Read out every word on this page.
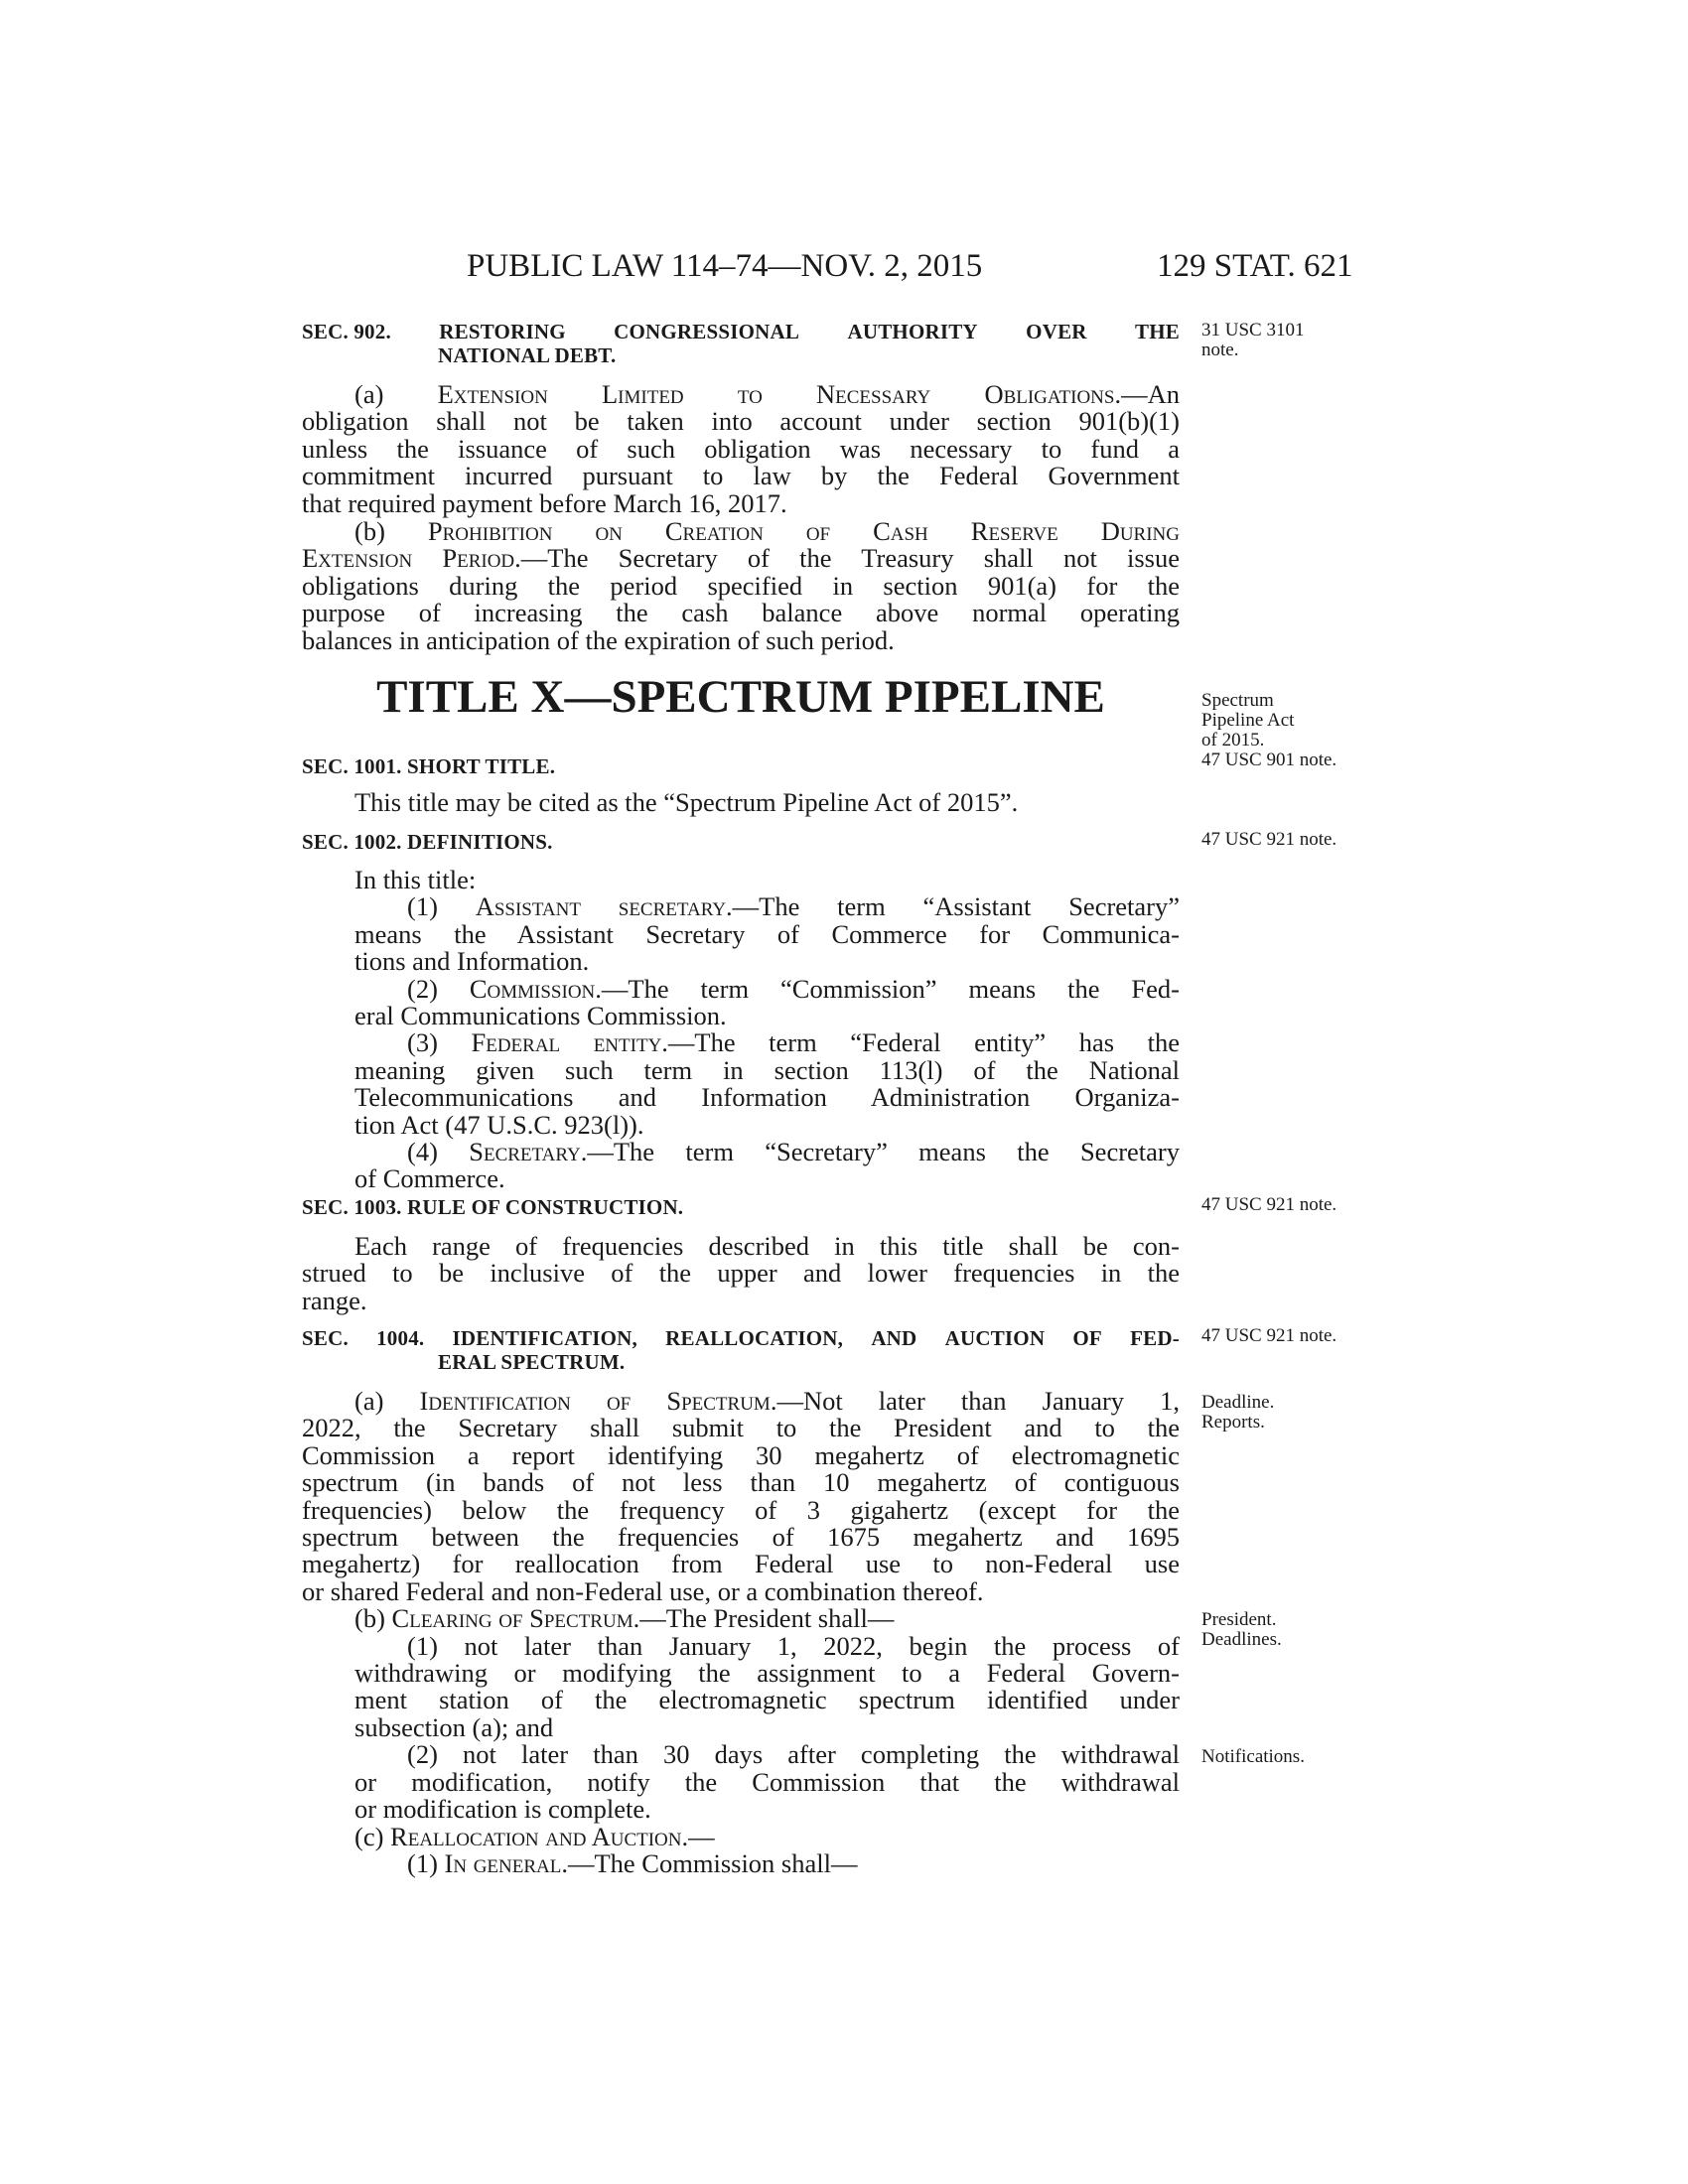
PUBLIC LAW 114–74—NOV. 2, 2015	129 STAT. 621
SEC. 902. RESTORING CONGRESSIONAL AUTHORITY OVER THE
NATIONAL DEBT.
(a) Extension Limited to Necessary Obligations.—An
obligation shall not be taken into account under section 901(b)(1)
unless the issuance of such obligation was necessary to fund a
commitment incurred pursuant to law by the Federal Government
that required payment before March 16, 2017.
(b) Prohibition on Creation of Cash Reserve During
Extension Period.—The Secretary of the Treasury shall not issue
obligations during the period specified in section 901(a) for the
purpose of increasing the cash balance above normal operating
balances in anticipation of the expiration of such period.
TITLE X—SPECTRUM PIPELINE
SEC. 1001. SHORT TITLE.
This title may be cited as the “Spectrum Pipeline Act of 2015”.
SEC. 1002. DEFINITIONS.
In this title:
(1) Assistant secretary.—The term “Assistant Secretary”
means the Assistant Secretary of Commerce for Communica-
tions and Information.
(2) Commission.—The term “Commission” means the Fed-
eral Communications Commission.
(3) Federal entity.—The term “Federal entity” has the
meaning given such term in section 113(l) of the National
Telecommunications and Information Administration Organiza-
tion Act (47 U.S.C. 923(l)).
(4) Secretary.—The term “Secretary” means the Secretary
of Commerce.
SEC. 1003. RULE OF CONSTRUCTION.
Each range of frequencies described in this title shall be con-
strued to be inclusive of the upper and lower frequencies in the
range.
SEC. 1004. IDENTIFICATION, REALLOCATION, AND AUCTION OF FED-
ERAL SPECTRUM.
(a) Identification of Spectrum.—Not later than January 1,
2022, the Secretary shall submit to the President and to the
Commission a report identifying 30 megahertz of electromagnetic
spectrum (in bands of not less than 10 megahertz of contiguous
frequencies) below the frequency of 3 gigahertz (except for the
spectrum between the frequencies of 1675 megahertz and 1695
megahertz) for reallocation from Federal use to non-Federal use
or shared Federal and non-Federal use, or a combination thereof.
(b) Clearing of Spectrum.—The President shall—
(1) not later than January 1, 2022, begin the process of
withdrawing or modifying the assignment to a Federal Govern-
ment station of the electromagnetic spectrum identified under
subsection (a); and
(2) not later than 30 days after completing the withdrawal
or modification, notify the Commission that the withdrawal
or modification is complete.
(c) Reallocation and Auction.—
(1) In general.—The Commission shall—
31 USC 3101
note.
Spectrum
Pipeline Act
of 2015.
47 USC 901 note.
47 USC 921 note.
47 USC 921 note.
47 USC 921 note.
Deadline.
Reports.
President.
Deadlines.
Notifications.
